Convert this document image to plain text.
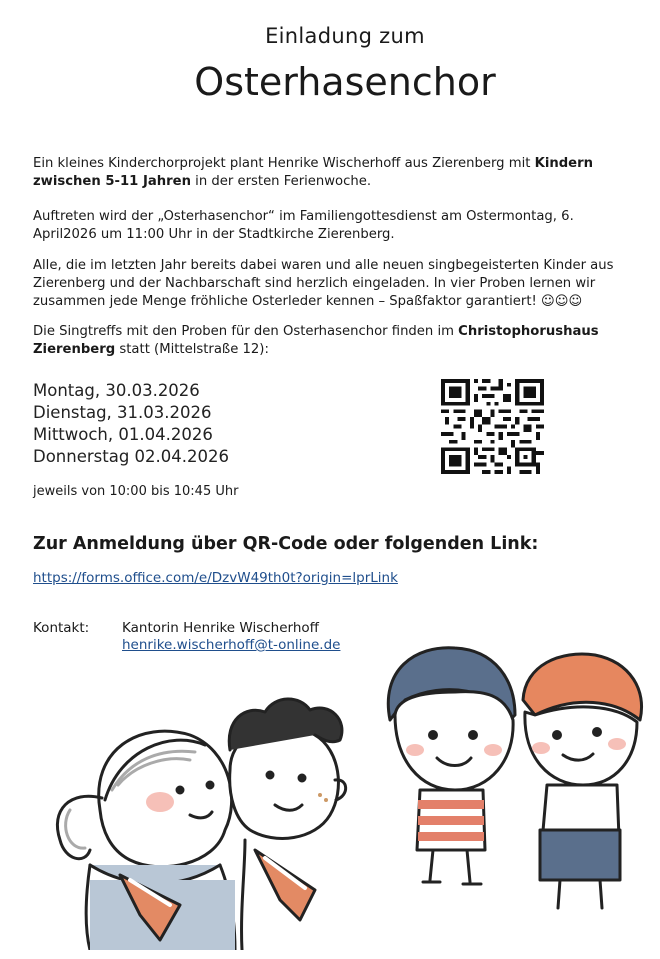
Einladung zum
Osterhasenchor
Ein kleines Kinderchorprojekt plant Henrike Wischerhoff aus Zierenberg mit Kindern zwischen 5-11 Jahren in der ersten Ferienwoche.
Auftreten wird der „Osterhasenchor“ im Familiengottesdienst am Ostermontag, 6. April2026 um 11:00 Uhr in der Stadtkirche Zierenberg.
Alle, die im letzten Jahr bereits dabei waren und alle neuen singbegeisterten Kinder aus Zierenberg und der Nachbarschaft sind herzlich eingeladen. In vier Proben lernen wir zusammen jede Menge fröhliche Osterleder kennen – Spaßfaktor garantiert! ☺☺☺
Die Singtreffs mit den Proben für den Osterhasenchor finden im Christophorushaus Zierenberg statt (Mittelstraße 12):
Montag, 30.03.2026
Dienstag, 31.03.2026
Mittwoch, 01.04.2026
Donnerstag 02.04.2026
jeweils von 10:00 bis 10:45 Uhr
Zur Anmeldung über QR-Code oder folgenden Link:
https://forms.office.com/e/DzvW49th0t?origin=lprLink
Kontakt: Kantorin Henrike Wischerhoff
henrike.wischerhoff@t-online.de
